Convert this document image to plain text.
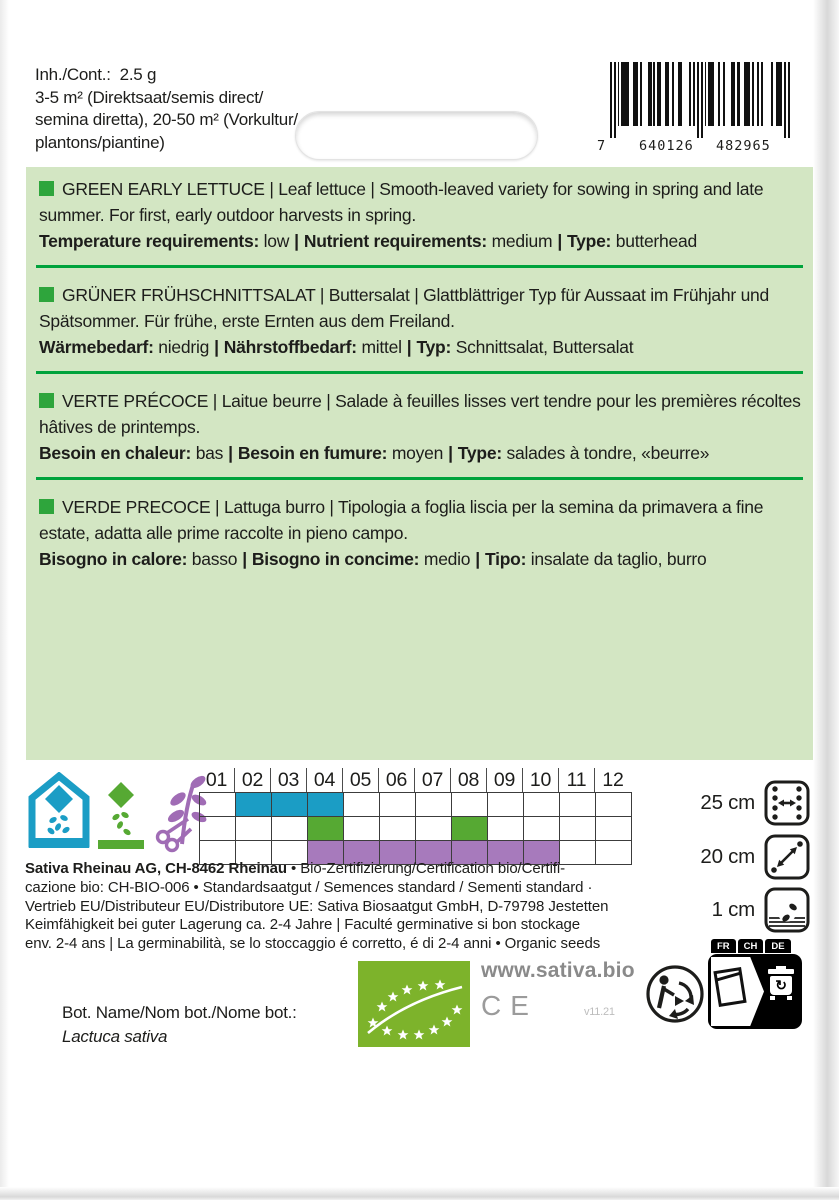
Inh./Cont.:  2.5 g
3-5 m² (Direktsaat/semis direct/
semina diretta), 20-50 m² (Vorkultur/
plantons/piantine)	7 640126 482965
GREEN EARLY LETTUCE | Leaf lettuce | Smooth-leaved variety for sowing in spring and late summer. For first, early outdoor harvests in spring.
Temperature requirements: low | Nutrient requirements: medium | Type: butterhead
GRÜNER FRÜHSCHNITTSALAT | Buttersalat | Glattblättriger Typ für Aussaat im Frühjahr und Spätsommer. Für frühe, erste Ernten aus dem Freiland.
Wärmebedarf: niedrig | Nährstoffbedarf: mittel | Typ: Schnittsalat, Buttersalat
VERTE PRÉCOCE | Laitue beurre | Salade à feuilles lisses vert tendre pour les premières récoltes hâtives de printemps.
Besoin en chaleur: bas | Besoin en fumure: moyen | Type: salades à tondre, «beurre»
VERDE PRECOCE | Lattuga burro | Tipologia a foglia liscia per la semina da primavera a fine estate, adatta alle prime raccolte in pieno campo.
Bisogno in calore: basso | Bisogno in concime: medio | Tipo: insalate da taglio, burro
01 02 03 04 05 06 07 08 09 10 11 12
25 cm
20 cm
1 cm
Sativa Rheinau AG, CH-8462 Rheinau • Bio-Zertifizierung/Certification bio/Certifi-
cazione bio: CH-BIO-006 • Standardsaatgut / Semences standard / Sementi standard ·
Vertrieb EU/Distributeur EU/Distributore UE: Sativa Biosaatgut GmbH, D-79798 Jestetten
Keimfähigkeit bei guter Lagerung ca. 2-4 Jahre | Faculté germinative si bon stockage
env. 2-4 ans | La germinabilità, se lo stoccaggio é corretto, é di 2-4 anni • Organic seeds
Bot. Name/Nom bot./Nome bot.:
Lactuca sativa
www.sativa.bio
CE	v11.21
FR	CH	DE
↻
